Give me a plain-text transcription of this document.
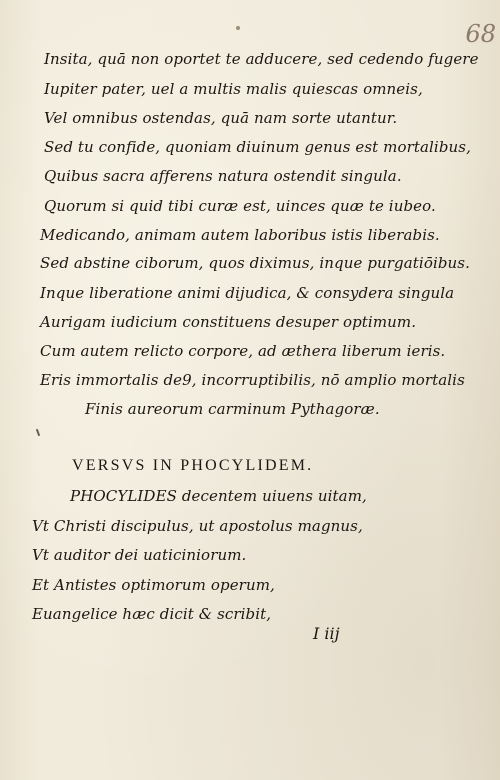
68
Insita, quā non oportet te adducere, sed cedendo fugere
Iupiter pater, uel a multis malis quiescas omneis,
Vel omnibus ostendas, quā nam sorte utantur.
Sed tu confide, quoniam diuinum genus est mortalibus,
Quibus sacra afferens natura ostendit singula.
Quorum si quid tibi curæ est, uinces quæ te iubeo.
Medicando, animam autem laboribus istis liberabis.
Sed abstine ciborum, quos diximus, inque purgatiōibus.
Inque liberatione animi dijudica, & consydera singula
Aurigam iudicium constituens desuper optimum.
Cum autem relicto corpore, ad æthera liberum ieris.
Eris immortalis de9, incorruptibilis, nō amplio mortalis
Finis aureorum carminum Pythagoræ.
VERSVS IN PHOCYLIDEM.
PHOCYLIDES decentem uiuens uitam,
Vt Christi discipulus, ut apostolus magnus,
Vt auditor dei uaticiniorum.
Et Antistes optimorum operum,
Euangelice hæc dicit & scribit,
I iij
